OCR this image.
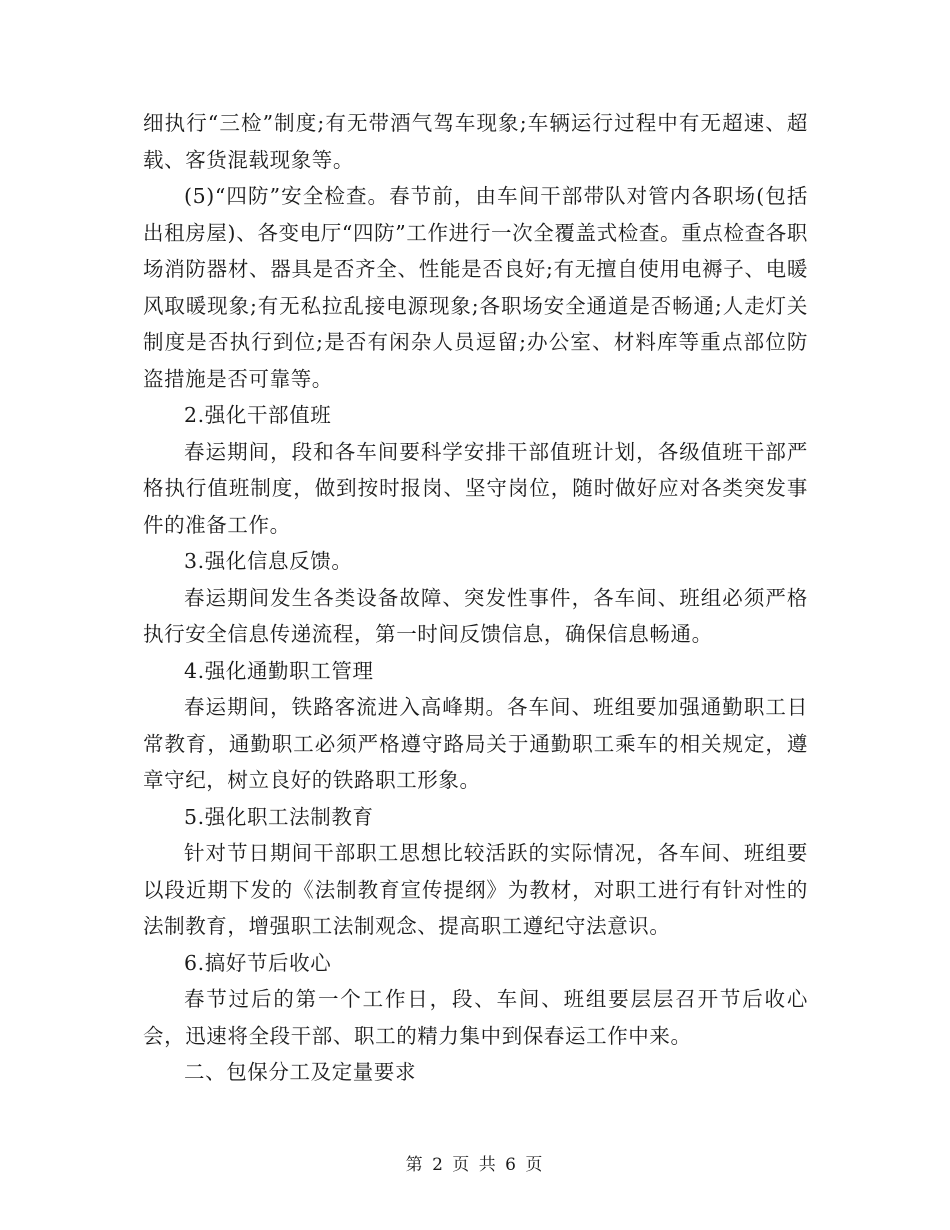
细执行“三检”制度;有无带酒气驾车现象;车辆运行过程中有无超速、超载、客货混载现象等。

(5)“四防”安全检查。春节前，由车间干部带队对管内各职场(包括出租房屋)、各变电厅“四防”工作进行一次全覆盖式检查。重点检查各职场消防器材、器具是否齐全、性能是否良好;有无擅自使用电褥子、电暖风取暖现象;有无私拉乱接电源现象;各职场安全通道是否畅通;人走灯关制度是否执行到位;是否有闲杂人员逗留;办公室、材料库等重点部位防盗措施是否可靠等。

2.强化干部值班

春运期间，段和各车间要科学安排干部值班计划，各级值班干部严格执行值班制度，做到按时报岗、坚守岗位，随时做好应对各类突发事件的准备工作。

3.强化信息反馈。

春运期间发生各类设备故障、突发性事件，各车间、班组必须严格执行安全信息传递流程，第一时间反馈信息，确保信息畅通。

4.强化通勤职工管理

春运期间，铁路客流进入高峰期。各车间、班组要加强通勤职工日常教育，通勤职工必须严格遵守路局关于通勤职工乘车的相关规定，遵章守纪，树立良好的铁路职工形象。

5.强化职工法制教育

针对节日期间干部职工思想比较活跃的实际情况，各车间、班组要以段近期下发的《法制教育宣传提纲》为教材，对职工进行有针对性的法制教育，增强职工法制观念、提高职工遵纪守法意识。

6.搞好节后收心

春节过后的第一个工作日，段、车间、班组要层层召开节后收心会，迅速将全段干部、职工的精力集中到保春运工作中来。

二、包保分工及定量要求

第 2 页 共 6 页
